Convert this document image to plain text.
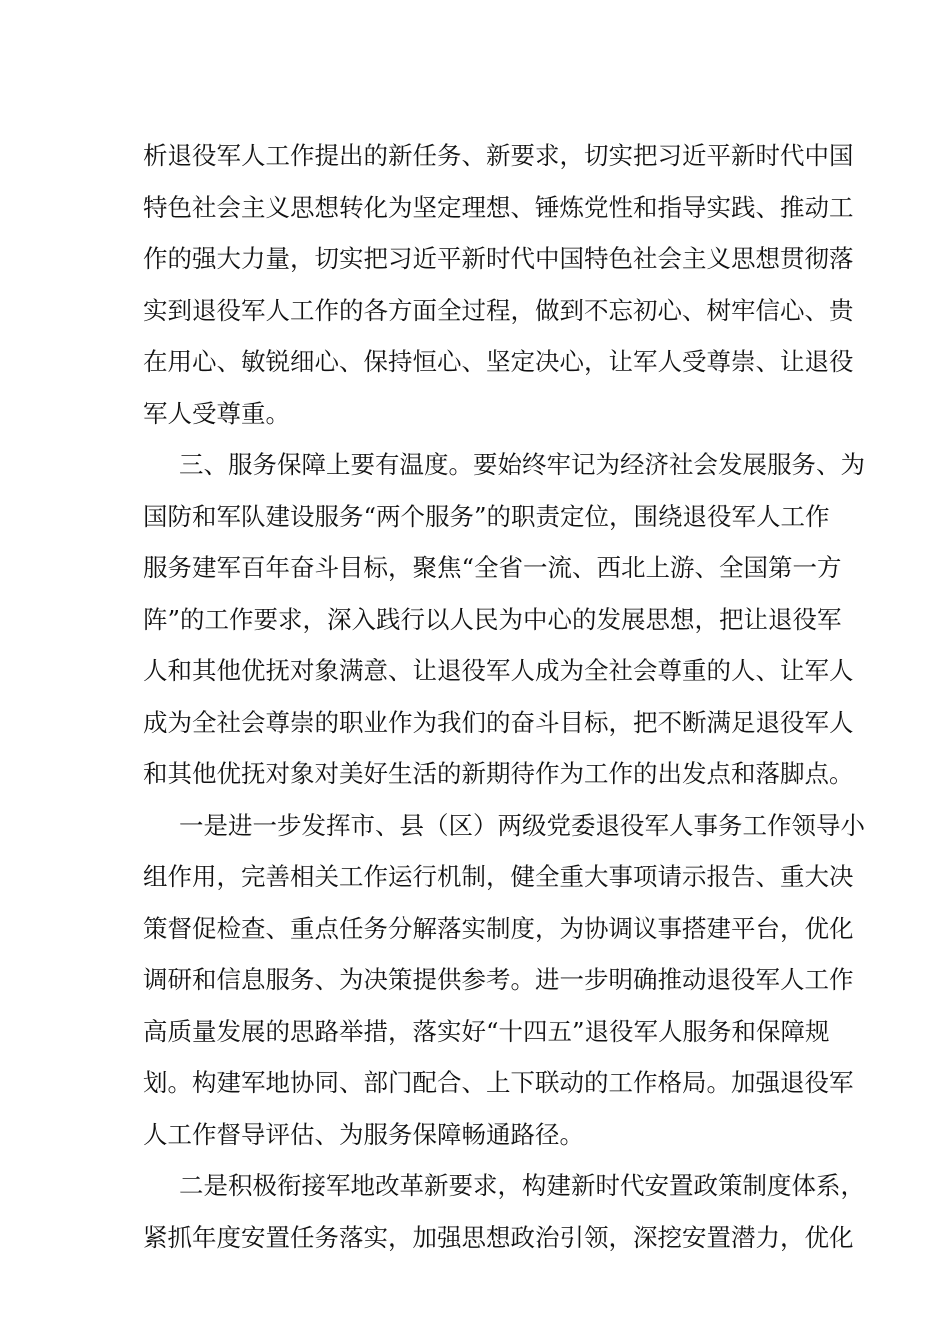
析退役军人工作提出的新任务、新要求，切实把习近平新时代中国
特色社会主义思想转化为坚定理想、锤炼党性和指导实践、推动工
作的强大力量，切实把习近平新时代中国特色社会主义思想贯彻落
实到退役军人工作的各方面全过程，做到不忘初心、树牢信心、贵
在用心、敏锐细心、保持恒心、坚定决心，让军人受尊崇、让退役
军人受尊重。
三、服务保障上要有温度。要始终牢记为经济社会发展服务、为
国防和军队建设服务“两个服务”的职责定位，围绕退役军人工作
服务建军百年奋斗目标，聚焦“全省一流、西北上游、全国第一方
阵”的工作要求，深入践行以人民为中心的发展思想，把让退役军
人和其他优抚对象满意、让退役军人成为全社会尊重的人、让军人
成为全社会尊崇的职业作为我们的奋斗目标，把不断满足退役军人
和其他优抚对象对美好生活的新期待作为工作的出发点和落脚点。
一是进一步发挥市、县（区）两级党委退役军人事务工作领导小
组作用，完善相关工作运行机制，健全重大事项请示报告、重大决
策督促检查、重点任务分解落实制度，为协调议事搭建平台，优化
调研和信息服务、为决策提供参考。进一步明确推动退役军人工作
高质量发展的思路举措，落实好“十四五”退役军人服务和保障规
划。构建军地协同、部门配合、上下联动的工作格局。加强退役军
人工作督导评估、为服务保障畅通路径。
二是积极衔接军地改革新要求，构建新时代安置政策制度体系，
紧抓年度安置任务落实，加强思想政治引领，深挖安置潜力，优化
